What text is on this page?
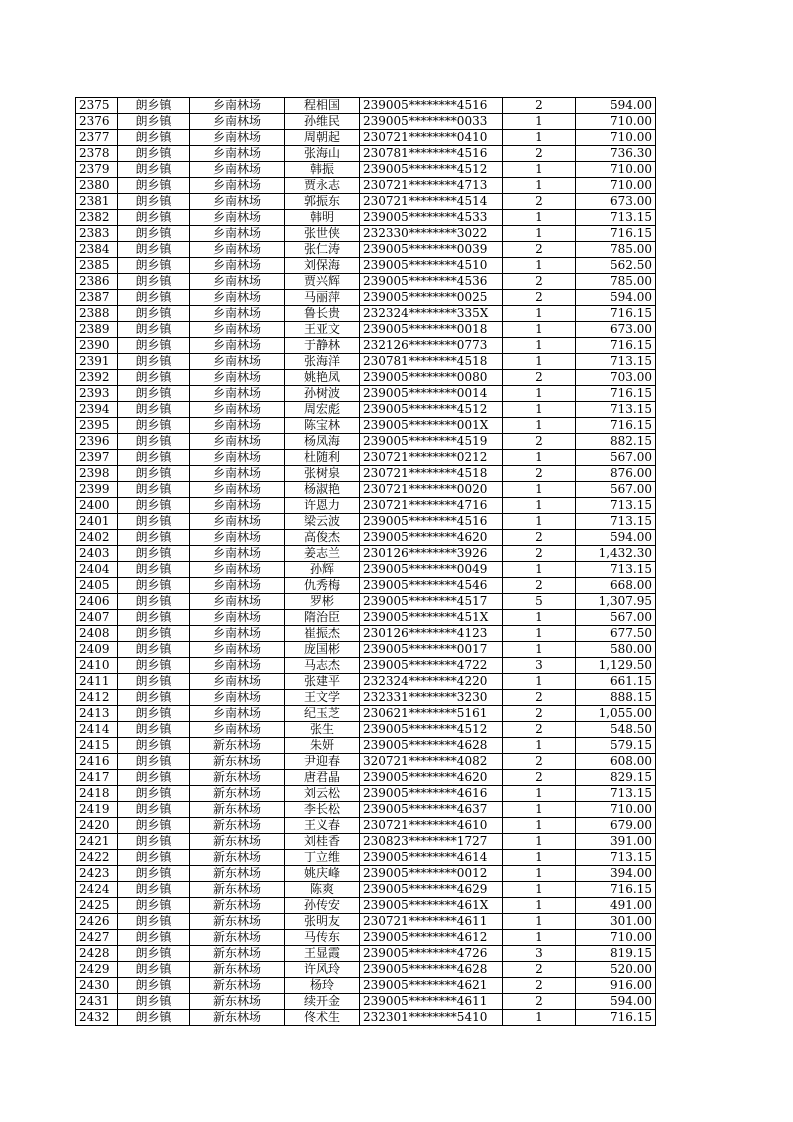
2375	朗乡镇	乡南林场	程相国	239005********4516	2	594.00
2376	朗乡镇	乡南林场	孙维民	239005********0033	1	710.00
2377	朗乡镇	乡南林场	周朝起	230721********0410	1	710.00
2378	朗乡镇	乡南林场	张海山	230781********4516	2	736.30
2379	朗乡镇	乡南林场	韩振	239005********4512	1	710.00
2380	朗乡镇	乡南林场	贾永志	230721********4713	1	710.00
2381	朗乡镇	乡南林场	郭振东	230721********4514	2	673.00
2382	朗乡镇	乡南林场	韩明	239005********4533	1	713.15
2383	朗乡镇	乡南林场	张世侠	232330********3022	1	716.15
2384	朗乡镇	乡南林场	张仁涛	239005********0039	2	785.00
2385	朗乡镇	乡南林场	刘保海	239005********4510	1	562.50
2386	朗乡镇	乡南林场	贾兴辉	239005********4536	2	785.00
2387	朗乡镇	乡南林场	马丽萍	239005********0025	2	594.00
2388	朗乡镇	乡南林场	鲁长贵	232324********335X	1	716.15
2389	朗乡镇	乡南林场	王亚文	239005********0018	1	673.00
2390	朗乡镇	乡南林场	于静林	232126********0773	1	716.15
2391	朗乡镇	乡南林场	张海洋	230781********4518	1	713.15
2392	朗乡镇	乡南林场	姚艳凤	239005********0080	2	703.00
2393	朗乡镇	乡南林场	孙树波	239005********0014	1	716.15
2394	朗乡镇	乡南林场	周宏彪	239005********4512	1	713.15
2395	朗乡镇	乡南林场	陈宝林	239005********001X	1	716.15
2396	朗乡镇	乡南林场	杨凤海	239005********4519	2	882.15
2397	朗乡镇	乡南林场	杜随利	230721********0212	1	567.00
2398	朗乡镇	乡南林场	张树泉	230721********4518	2	876.00
2399	朗乡镇	乡南林场	杨淑艳	230721********0020	1	567.00
2400	朗乡镇	乡南林场	许恩力	230721********4716	1	713.15
2401	朗乡镇	乡南林场	梁云波	239005********4516	1	713.15
2402	朗乡镇	乡南林场	高俊杰	239005********4620	2	594.00
2403	朗乡镇	乡南林场	姜志兰	230126********3926	2	1,432.30
2404	朗乡镇	乡南林场	孙辉	239005********0049	1	713.15
2405	朗乡镇	乡南林场	仇秀梅	239005********4546	2	668.00
2406	朗乡镇	乡南林场	罗彬	239005********4517	5	1,307.95
2407	朗乡镇	乡南林场	隋治臣	239005********451X	1	567.00
2408	朗乡镇	乡南林场	崔振杰	230126********4123	1	677.50
2409	朗乡镇	乡南林场	庞国彬	239005********0017	1	580.00
2410	朗乡镇	乡南林场	马志杰	239005********4722	3	1,129.50
2411	朗乡镇	乡南林场	张建平	232324********4220	1	661.15
2412	朗乡镇	乡南林场	王文学	232331********3230	2	888.15
2413	朗乡镇	乡南林场	纪玉芝	230621********5161	2	1,055.00
2414	朗乡镇	乡南林场	张生	239005********4512	2	548.50
2415	朗乡镇	新东林场	朱妍	239005********4628	1	579.15
2416	朗乡镇	新东林场	尹迎春	320721********4082	2	608.00
2417	朗乡镇	新东林场	唐君晶	239005********4620	2	829.15
2418	朗乡镇	新东林场	刘云松	239005********4616	1	713.15
2419	朗乡镇	新东林场	李长松	239005********4637	1	710.00
2420	朗乡镇	新东林场	王义春	230721********4610	1	679.00
2421	朗乡镇	新东林场	刘桂香	230823********1727	1	391.00
2422	朗乡镇	新东林场	丁立维	239005********4614	1	713.15
2423	朗乡镇	新东林场	姚庆峰	239005********0012	1	394.00
2424	朗乡镇	新东林场	陈爽	239005********4629	1	716.15
2425	朗乡镇	新东林场	孙传安	239005********461X	1	491.00
2426	朗乡镇	新东林场	张明友	230721********4611	1	301.00
2427	朗乡镇	新东林场	马传东	239005********4612	1	710.00
2428	朗乡镇	新东林场	王显霞	239005********4726	3	819.15
2429	朗乡镇	新东林场	许风玲	239005********4628	2	520.00
2430	朗乡镇	新东林场	杨玲	239005********4621	2	916.00
2431	朗乡镇	新东林场	续开金	239005********4611	2	594.00
2432	朗乡镇	新东林场	佟术生	232301********5410	1	716.15
